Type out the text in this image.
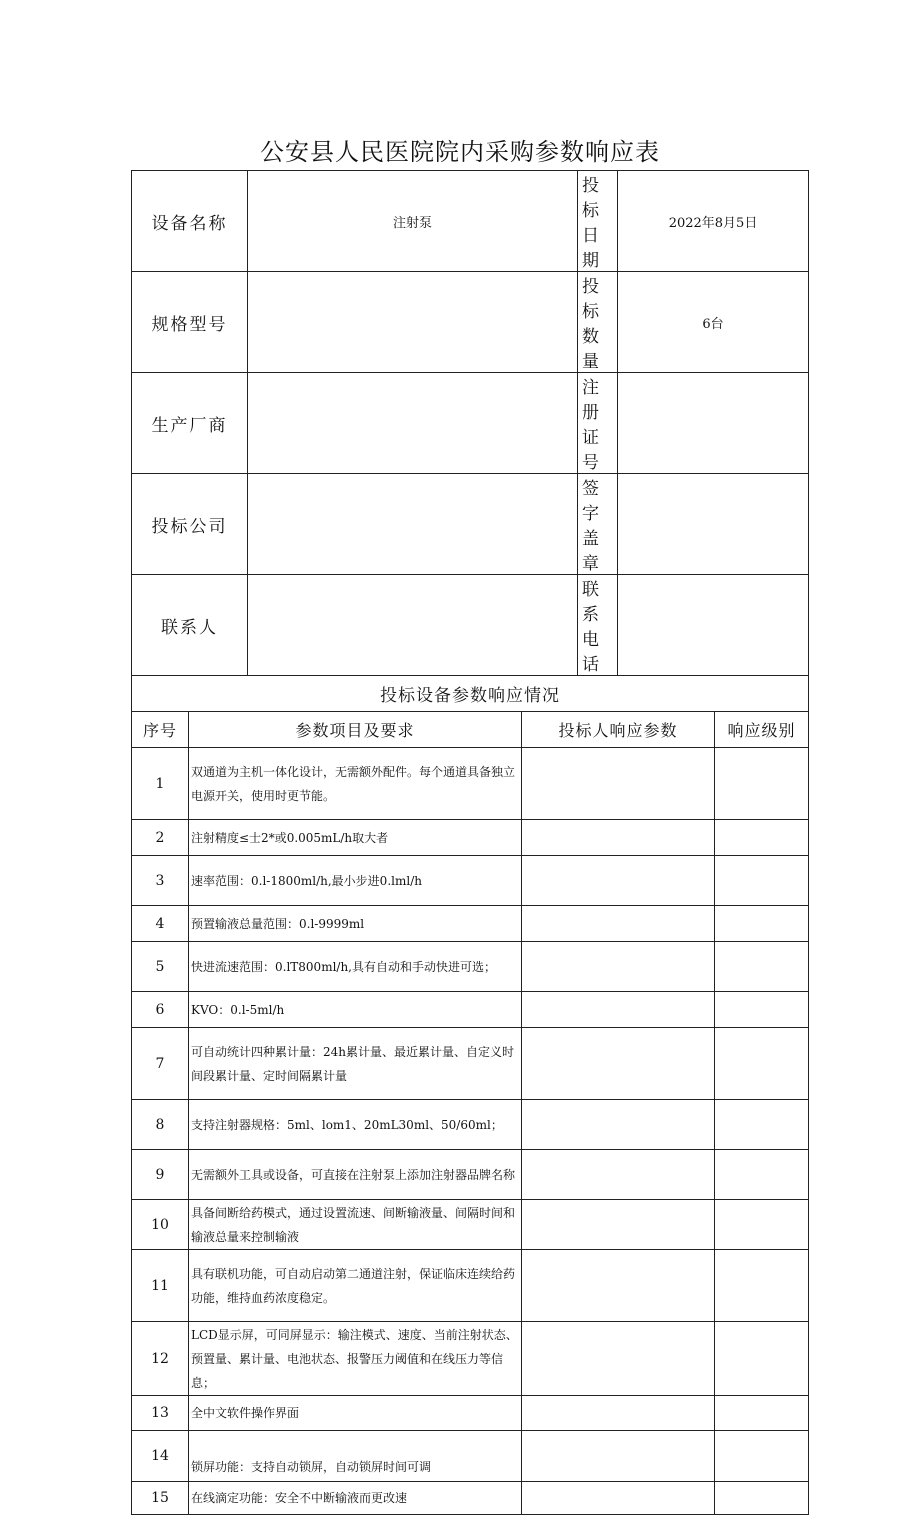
公安县人民医院院内采购参数响应表
设备名称		注射泵		投标日期	2022年8月5日	
规格型号				投标数量	6台	
生产厂商				注册证号		
投标公司				签字盖章		
联系人				联系电话		
投标设备参数响应情况						
序号	参数项目及要求		投标人响应参数			响应级别
1	双通道为主机一体化设计，无需额外配件。每个通道具备独立电源开关，使用时更节能。					
2	注射精度≤士2*或0.005mL/h取大者					
3	速率范围：0.l-1800ml/h,最小步进0.lml/h					
4	预置输液总量范围：0.l-9999ml					
5	快进流速范围：0.lT800ml/h,具有自动和手动快进可选；					
6	KVO：0.l-5ml/h					
7	可自动统计四种累计量：24h累计量、最近累计量、自定义时间段累计量、定时间隔累计量					
8	支持注射器规格：5ml、lom1、20mL30ml、50/60ml；					
9	无需额外工具或设备，可直接在注射泵上添加注射器品牌名称					
10	具备间断给药模式，通过设置流速、间断输液量、间隔时间和输液总量来控制输液					
11	具有联机功能，可自动启动第二通道注射，保证临床连续给药功能，维持血药浓度稳定。					
12	LCD显示屏，可同屏显示：输注模式、速度、当前注射状态、预置量、累计量、电池状态、报警压力阈值和在线压力等信息；					
13	全中文软件操作界面					
14	锁屏功能：支持自动锁屏，自动锁屏时间可调					
15	在线滴定功能：安全不中断输液而更改速					
